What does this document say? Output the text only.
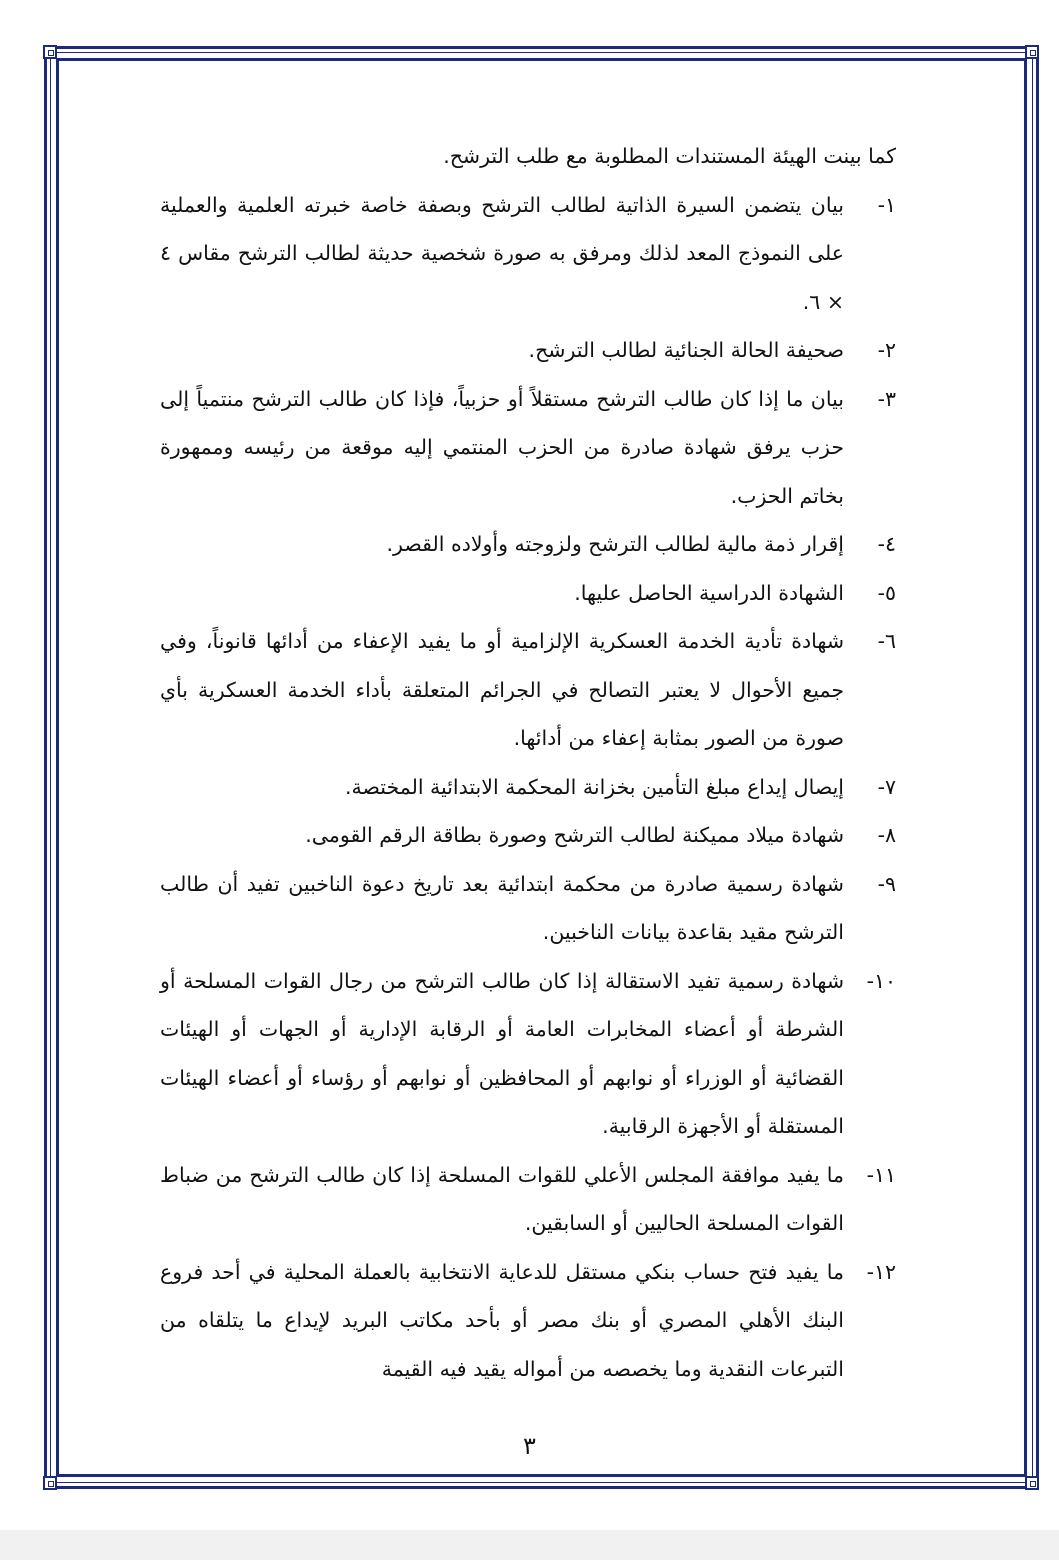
كما بينت الهيئة المستندات المطلوبة مع طلب الترشح.

١-
بيان يتضمن السيرة الذاتية لطالب الترشح وبصفة خاصة خبرته العلمية والعملية على النموذج المعد لذلك ومرفق به صورة شخصية حديثة لطالب الترشح مقاس ٤ × ٦.
٢-
صحيفة الحالة الجنائية لطالب الترشح.
٣-
بيان ما إذا كان طالب الترشح مستقلاً أو حزبياً، فإذا كان طالب الترشح منتمياً إلى حزب يرفق شهادة صادرة من الحزب المنتمي إليه موقعة من رئيسه وممهورة بخاتم الحزب.
٤-
إقرار ذمة مالية لطالب الترشح ولزوجته وأولاده القصر.
٥-
الشهادة الدراسية الحاصل عليها.
٦-
شهادة تأدية الخدمة العسكرية الإلزامية أو ما يفيد الإعفاء من أدائها قانوناً، وفي جميع الأحوال لا يعتبر التصالح في الجرائم المتعلقة بأداء الخدمة العسكرية بأي صورة من الصور بمثابة إعفاء من أدائها.
٧-
إيصال إيداع مبلغ التأمين بخزانة المحكمة الابتدائية المختصة.
٨-
شهادة ميلاد مميكنة لطالب الترشح وصورة بطاقة الرقم القومى.
٩-
شهادة رسمية صادرة من محكمة ابتدائية بعد تاريخ دعوة الناخبين تفيد أن طالب الترشح مقيد بقاعدة بيانات الناخبين.
١٠-
شهادة رسمية تفيد الاستقالة إذا كان طالب الترشح من رجال القوات المسلحة أو الشرطة أو أعضاء المخابرات العامة أو الرقابة الإدارية أو الجهات أو الهيئات القضائية أو الوزراء أو نوابهم أو المحافظين أو نوابهم أو رؤساء أو أعضاء الهيئات المستقلة أو الأجهزة الرقابية.
١١-
ما يفيد موافقة المجلس الأعلي للقوات المسلحة إذا كان طالب الترشح من ضباط القوات المسلحة الحاليين أو السابقين.
١٢-
ما يفيد فتح حساب بنكي مستقل للدعاية الانتخابية بالعملة المحلية في أحد فروع البنك الأهلي المصري أو بنك مصر أو بأحد مكاتب البريد لإيداع ما يتلقاه من التبرعات النقدية وما يخصصه من أمواله يقيد فيه القيمة
٣
